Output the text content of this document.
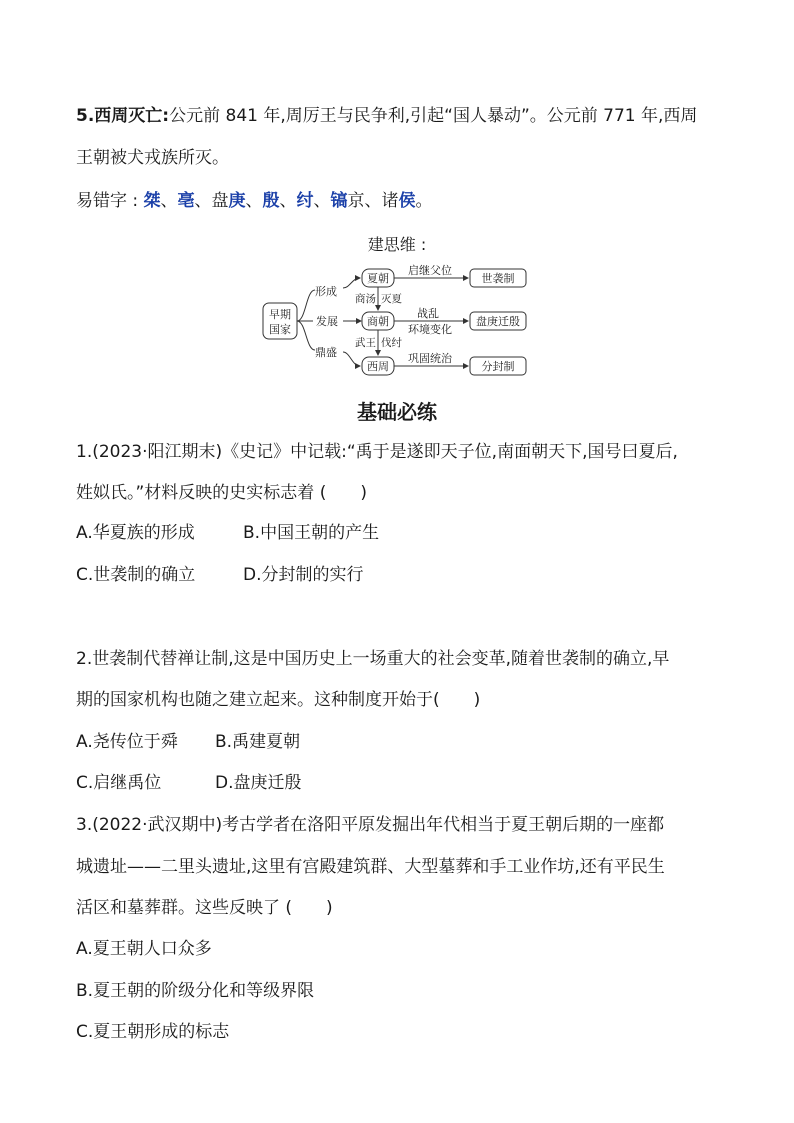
5.西周灭亡:公元前 841 年,周厉王与民争利,引起“国人暴动”。公元前 771 年,西周
王朝被犬戎族所灭。
易错字 : 桀、亳、盘庚、殷、纣、镐京、诸侯。
建思维 :
早期
国家
形成
发展
鼎盛
夏朝
商朝
西周
商汤 灭夏
武王 伐纣
启继父位
战乱
环境变化
巩固统治
世袭制
盘庚迁殷
分封制
基础必练
1.(2023·阳江期末)《史记》中记载:“禹于是遂即天子位,南面朝天下,国号曰夏后,
姓姒氏。”材料反映的史实标志着 (　　)
A.华夏族的形成	B.中国王朝的产生
C.世袭制的确立	D.分封制的实行
2.世袭制代替禅让制,这是中国历史上一场重大的社会变革,随着世袭制的确立,早
期的国家机构也随之建立起来。这种制度开始于(　　)
A.尧传位于舜 B.禹建夏朝
C.启继禹位	D.盘庚迁殷
3.(2022·武汉期中)考古学者在洛阳平原发掘出年代相当于夏王朝后期的一座都
城遗址——二里头遗址,这里有宫殿建筑群、大型墓葬和手工业作坊,还有平民生
活区和墓葬群。这些反映了 (　　)
A.夏王朝人口众多
B.夏王朝的阶级分化和等级界限
C.夏王朝形成的标志
